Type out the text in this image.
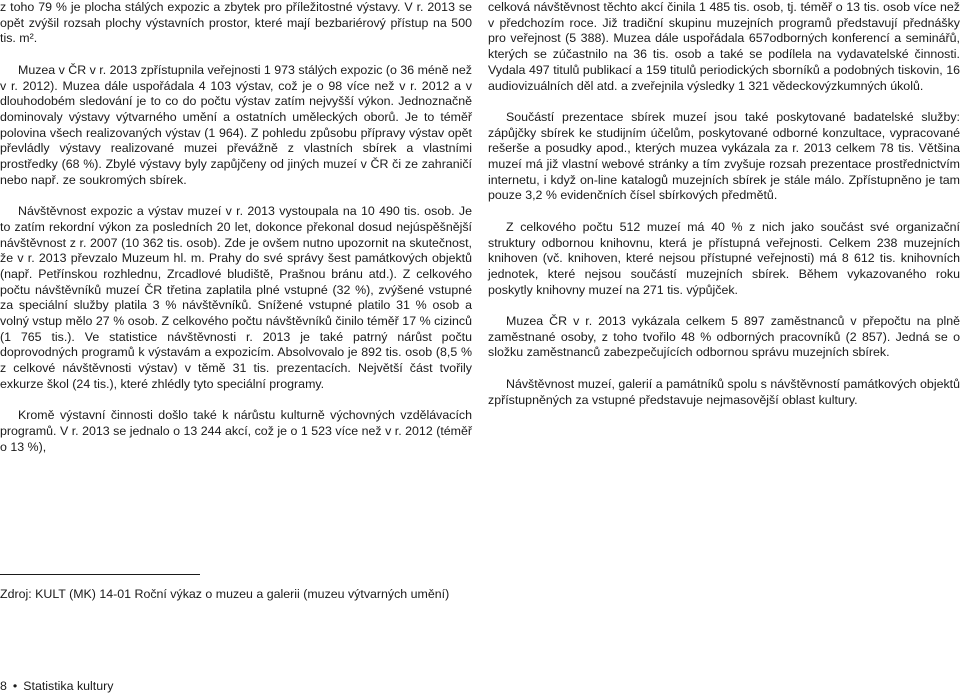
z toho 79 % je plocha stálých expozic a zbytek pro příležitostné výstavy. V r. 2013 se opět zvýšil rozsah plochy výstavních prostor, které mají bezbariérový přístup na 500 tis. m².

Muzea v ČR v r. 2013 zpřístupnila veřejnosti 1 973 stálých expozic (o 36 méně než v r. 2012). Muzea dále uspořádala 4 103 výstav, což je o 98 více než v r. 2012 a v dlouhodobém sledování je to co do počtu výstav zatím nejvyšší výkon. Jednoznačně dominovaly výstavy výtvarného umění a ostatních uměleckých oborů. Je to téměř polovina všech realizovaných výstav (1 964). Z pohledu způsobu přípravy výstav opět převládly výstavy realizované muzei převážně z vlastních sbírek a vlastními prostředky (68 %). Zbylé výstavy byly zapůjčeny od jiných muzeí v ČR či ze zahraničí nebo např. ze soukromých sbírek.

Návštěvnost expozic a výstav muzeí v r. 2013 vystoupala na 10 490 tis. osob. Je to zatím rekordní výkon za posledních 20 let, dokonce překonal dosud nejúspěšnější návštěvnost z r. 2007 (10 362 tis. osob). Zde je ovšem nutno upozornit na skutečnost, že v r. 2013 převzalo Muzeum hl. m. Prahy do své správy šest památkových objektů (např. Petřínskou rozhlednu, Zrcadlové bludiště, Prašnou bránu atd.). Z celkového počtu návštěvníků muzeí ČR třetina zaplatila plné vstupné (32 %), zvýšené vstupné za speciální služby platila 3 % návštěvníků. Snížené vstupné platilo 31 % osob a volný vstup mělo 27 % osob. Z celkového počtu návštěvníků činilo téměř 17 % cizinců (1 765 tis.). Ve statistice návštěvnosti r. 2013 je také patrný nárůst počtu doprovodných programů k výstavám a expozicím. Absolvovalo je 892 tis. osob (8,5 % z celkové návštěvnosti výstav) v těmě 31 tis. prezentacích. Největší část tvořily exkurze škol (24 tis.), které zhlédly tyto speciální programy.

Kromě výstavní činnosti došlo také k nárůstu kulturně výchovných vzdělávacích programů. V r. 2013 se jednalo o 13 244 akcí, což je o 1 523 více než v r. 2012 (téměř o 13 %),

celková návštěvnost těchto akcí činila 1 485 tis. osob, tj. téměř o 13 tis. osob více než v předchozím roce. Již tradiční skupinu muzejních programů představují přednášky pro veřejnost (5 388). Muzea dále uspořádala 657odborných konferencí a seminářů, kterých se zúčastnilo na 36 tis. osob a také se podílela na vydavatelské činnosti. Vydala 497 titulů publikací a 159 titulů periodických sborníků a podobných tiskovin, 16 audiovizuálních děl atd. a zveřejnila výsledky 1 321 vědeckovýzkumných úkolů.

Součástí prezentace sbírek muzeí jsou také poskytované badatelské služby: zápůjčky sbírek ke studijním účelům, poskytované odborné konzultace, vypracované rešerše a posudky apod., kterých muzea vykázala za r. 2013 celkem 78 tis. Většina muzeí má již vlastní webové stránky a tím zvyšuje rozsah prezentace prostřednictvím internetu, i když on-line katalogů muzejních sbírek je stále málo. Zpřístupněno je tam pouze 3,2 % evidenčních čísel sbírkových předmětů.

Z celkového počtu 512 muzeí má 40 % z nich jako součást své organizační struktury odbornou knihovnu, která je přístupná veřejnosti. Celkem 238 muzejních knihoven (vč. knihoven, které nejsou přístupné veřejnosti) má 8 612 tis. knihovních jednotek, které nejsou součástí muzejních sbírek. Během vykazovaného roku poskytly knihovny muzeí na 271 tis. výpůjček.

Muzea ČR v r. 2013 vykázala celkem 5 897 zaměstnanců v přepočtu na plně zaměstnané osoby, z toho tvořilo 48 % odborných pracovníků (2 857). Jedná se o složku zaměstnanců zabezpečujících odbornou správu muzejních sbírek.

Návštěvnost muzeí, galerií a památníků spolu s návštěvností památkových objektů zpřístupněných za vstupné představuje nejmasovější oblast kultury.

Zdroj: KULT (MK) 14-01 Roční výkaz o muzeu a galerii (muzeu výtvarných umění)
8 • Statistika kultury
